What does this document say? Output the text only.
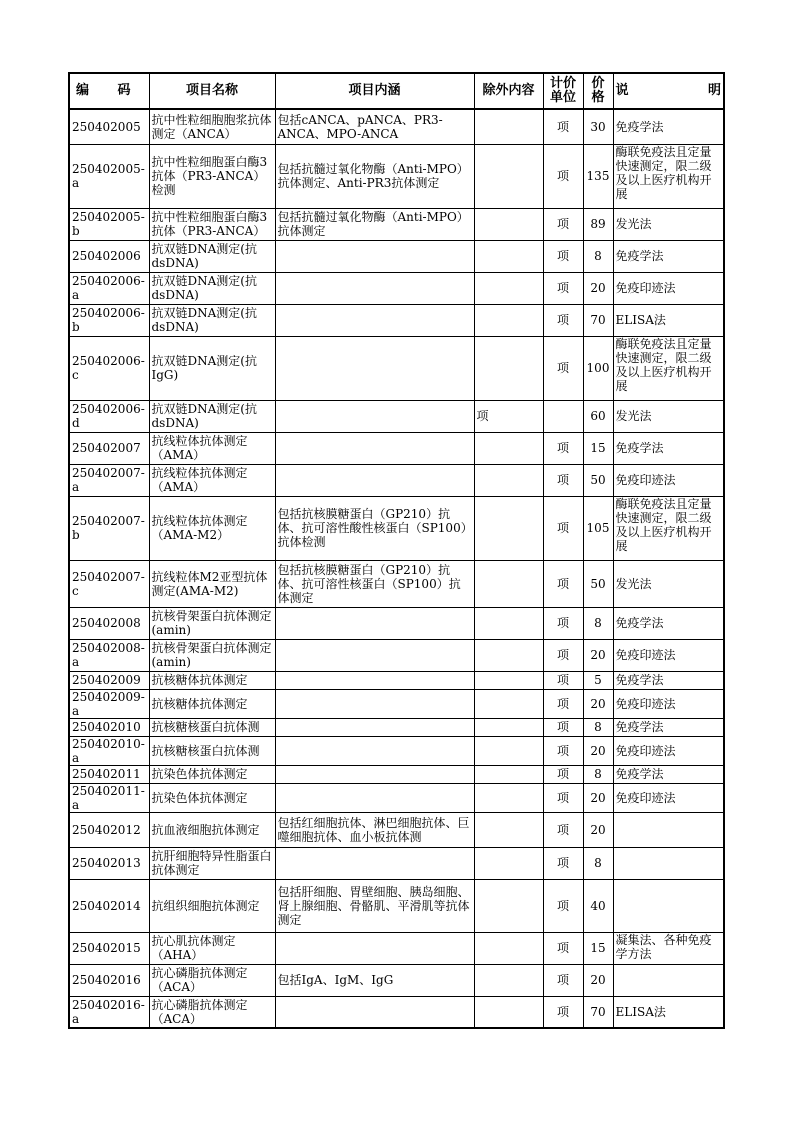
编 码	项目名称	项目内涵	除外内容	计价单位	价格	说 明
250402005	抗中性粒细胞胞浆抗体测定（ANCA）	包括cANCA、pANCA、PR3-ANCA、MPO-ANCA		项	30	免疫学法
250402005-a	抗中性粒细胞蛋白酶3抗体（PR3-ANCA）检测	包括抗髓过氧化物酶（Anti-MPO）抗体测定、Anti-PR3抗体测定		项	135	酶联免疫法且定量快速测定，限二级及以上医疗机构开展
250402005-b	抗中性粒细胞蛋白酶3抗体（PR3-ANCA）	包括抗髓过氧化物酶（Anti-MPO）抗体测定		项	89	发光法
250402006	抗双链DNA测定(抗dsDNA)			项	8	免疫学法
250402006-a	抗双链DNA测定(抗dsDNA)			项	20	免疫印迹法
250402006-b	抗双链DNA测定(抗dsDNA)			项	70	ELISA法
250402006-c	抗双链DNA测定(抗IgG)			项	100	酶联免疫法且定量快速测定，限二级及以上医疗机构开展
250402006-d	抗双链DNA测定(抗dsDNA)		项		60	发光法
250402007	抗线粒体抗体测定（AMA）			项	15	免疫学法
250402007-a	抗线粒体抗体测定（AMA）			项	50	免疫印迹法
250402007-b	抗线粒体抗体测定（AMA-M2）	包括抗核膜糖蛋白（GP210）抗体、抗可溶性酸性核蛋白（SP100）抗体检测		项	105	酶联免疫法且定量快速测定，限二级及以上医疗机构开展
250402007-c	抗线粒体M2亚型抗体测定(AMA-M2)	包括抗核膜糖蛋白（GP210）抗体、抗可溶性核蛋白（SP100）抗体测定		项	50	发光法
250402008	抗核骨架蛋白抗体测定(amin)			项	8	免疫学法
250402008-a	抗核骨架蛋白抗体测定(amin)			项	20	免疫印迹法
250402009	抗核糖体抗体测定			项	5	免疫学法
250402009-a	抗核糖体抗体测定			项	20	免疫印迹法
250402010	抗核糖核蛋白抗体测			项	8	免疫学法
250402010-a	抗核糖核蛋白抗体测			项	20	免疫印迹法
250402011	抗染色体抗体测定			项	8	免疫学法
250402011-a	抗染色体抗体测定			项	20	免疫印迹法
250402012	抗血液细胞抗体测定	包括红细胞抗体、淋巴细胞抗体、巨噬细胞抗体、血小板抗体测		项	20	
250402013	抗肝细胞特异性脂蛋白抗体测定			项	8	
250402014	抗组织细胞抗体测定	包括肝细胞、胃壁细胞、胰岛细胞、肾上腺细胞、骨骼肌、平滑肌等抗体测定		项	40	
250402015	抗心肌抗体测定（AHA）			项	15	凝集法、各种免疫学方法
250402016	抗心磷脂抗体测定（ACA）	包括IgA、IgM、IgG		项	20	
250402016-a	抗心磷脂抗体测定（ACA）			项	70	ELISA法
